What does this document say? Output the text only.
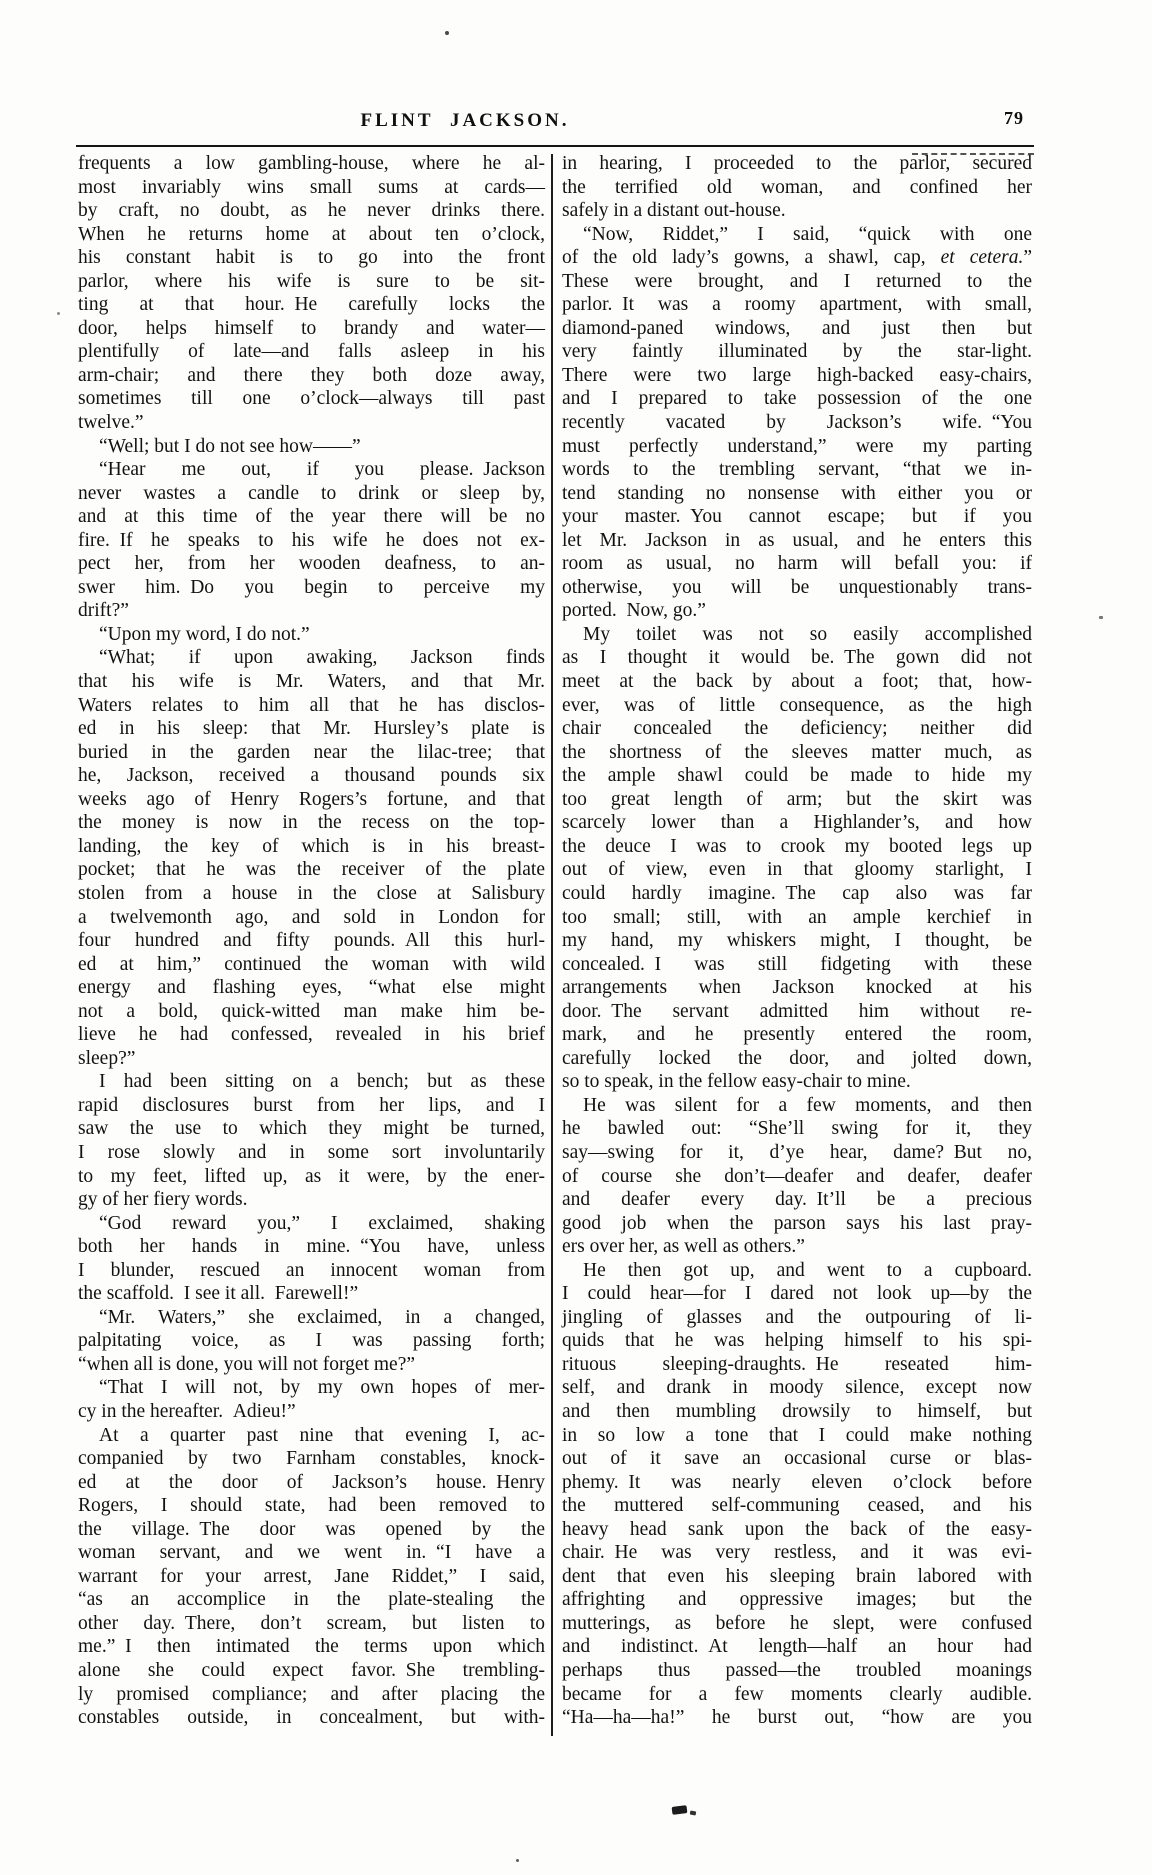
FLINT JACKSON.	79
frequents a low gambling-house, where he al-
most invariably wins small sums at cards—
by craft, no doubt, as he never drinks there.
When he returns home at about ten o’clock,
his constant habit is to go into the front
parlor, where his wife is sure to be sit-
ting at that hour. He carefully locks the
door, helps himself to brandy and water—
plentifully of late—and falls asleep in his
arm-chair; and there they both doze away,
sometimes till one o’clock—always till past
twelve.”
“Well; but I do not see how——”
“Hear me out, if you please. Jackson
never wastes a candle to drink or sleep by,
and at this time of the year there will be no
fire. If he speaks to his wife he does not ex-
pect her, from her wooden deafness, to an-
swer him. Do you begin to perceive my
drift?”
“Upon my word, I do not.”
“What; if upon awaking, Jackson finds
that his wife is Mr. Waters, and that Mr.
Waters relates to him all that he has disclos-
ed in his sleep: that Mr. Hursley’s plate is
buried in the garden near the lilac-tree; that
he, Jackson, received a thousand pounds six
weeks ago of Henry Rogers’s fortune, and that
the money is now in the recess on the top-
landing, the key of which is in his breast-
pocket; that he was the receiver of the plate
stolen from a house in the close at Salisbury
a twelvemonth ago, and sold in London for
four hundred and fifty pounds. All this hurl-
ed at him,” continued the woman with wild
energy and flashing eyes, “what else might
not a bold, quick-witted man make him be-
lieve he had confessed, revealed in his brief
sleep?”
I had been sitting on a bench; but as these
rapid disclosures burst from her lips, and I
saw the use to which they might be turned,
I rose slowly and in some sort involuntarily
to my feet, lifted up, as it were, by the ener-
gy of her fiery words.
“God reward you,” I exclaimed, shaking
both her hands in mine. “You have, unless
I blunder, rescued an innocent woman from
the scaffold. I see it all. Farewell!”
“Mr. Waters,” she exclaimed, in a changed,
palpitating voice, as I was passing forth;
“when all is done, you will not forget me?”
“That I will not, by my own hopes of mer-
cy in the hereafter. Adieu!”
At a quarter past nine that evening I, ac-
companied by two Farnham constables, knock-
ed at the door of Jackson’s house. Henry
Rogers, I should state, had been removed to
the village. The door was opened by the
woman servant, and we went in. “I have a
warrant for your arrest, Jane Riddet,” I said,
“as an accomplice in the plate-stealing the
other day. There, don’t scream, but listen to
me.” I then intimated the terms upon which
alone she could expect favor. She trembling-
ly promised compliance; and after placing the
constables outside, in concealment, but with-
in hearing, I proceeded to the parlor, secured
the terrified old woman, and confined her
safely in a distant out-house.
“Now, Riddet,” I said, “quick with one
of the old lady’s gowns, a shawl, cap, et cetera.”
These were brought, and I returned to the
parlor. It was a roomy apartment, with small,
diamond-paned windows, and just then but
very faintly illuminated by the star-light.
There were two large high-backed easy-chairs,
and I prepared to take possession of the one
recently vacated by Jackson’s wife. “You
must perfectly understand,” were my parting
words to the trembling servant, “that we in-
tend standing no nonsense with either you or
your master. You cannot escape; but if you
let Mr. Jackson in as usual, and he enters this
room as usual, no harm will befall you: if
otherwise, you will be unquestionably trans-
ported. Now, go.”
My toilet was not so easily accomplished
as I thought it would be. The gown did not
meet at the back by about a foot; that, how-
ever, was of little consequence, as the high
chair concealed the deficiency; neither did
the shortness of the sleeves matter much, as
the ample shawl could be made to hide my
too great length of arm; but the skirt was
scarcely lower than a Highlander’s, and how
the deuce I was to crook my booted legs up
out of view, even in that gloomy starlight, I
could hardly imagine. The cap also was far
too small; still, with an ample kerchief in
my hand, my whiskers might, I thought, be
concealed. I was still fidgeting with these
arrangements when Jackson knocked at his
door. The servant admitted him without re-
mark, and he presently entered the room,
carefully locked the door, and jolted down,
so to speak, in the fellow easy-chair to mine.
He was silent for a few moments, and then
he bawled out: “She’ll swing for it, they
say—swing for it, d’ye hear, dame? But no,
of course she don’t—deafer and deafer, deafer
and deafer every day. It’ll be a precious
good job when the parson says his last pray-
ers over her, as well as others.”
He then got up, and went to a cupboard.
I could hear—for I dared not look up—by the
jingling of glasses and the outpouring of li-
quids that he was helping himself to his spi-
rituous sleeping-draughts. He reseated him-
self, and drank in moody silence, except now
and then mumbling drowsily to himself, but
in so low a tone that I could make nothing
out of it save an occasional curse or blas-
phemy. It was nearly eleven o’clock before
the muttered self-communing ceased, and his
heavy head sank upon the back of the easy-
chair. He was very restless, and it was evi-
dent that even his sleeping brain labored with
affrighting and oppressive images; but the
mutterings, as before he slept, were confused
and indistinct. At length—half an hour had
perhaps thus passed—the troubled moanings
became for a few moments clearly audible.
“Ha—ha—ha!” he burst out, “how are you
